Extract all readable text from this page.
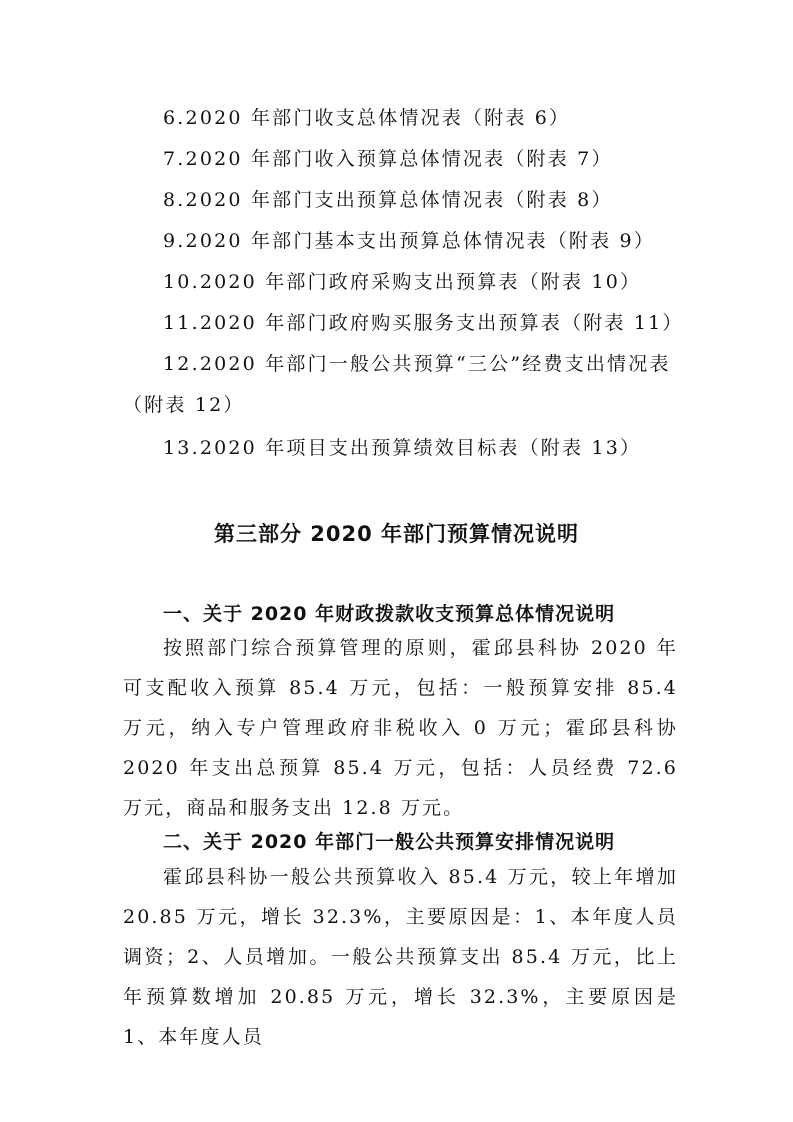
6.2020 年部门收支总体情况表（附表 6）
7.2020 年部门收入预算总体情况表（附表 7）
8.2020 年部门支出预算总体情况表（附表 8）
9.2020 年部门基本支出预算总体情况表（附表 9）
10.2020 年部门政府采购支出预算表（附表 10）
11.2020 年部门政府购买服务支出预算表（附表 11）
12.2020 年部门一般公共预算“三公”经费支出情况表
（附表 12）
13.2020 年项目支出预算绩效目标表（附表 13）
第三部分 2020 年部门预算情况说明
一、关于 2020 年财政拨款收支预算总体情况说明
按照部门综合预算管理的原则，霍邱县科协 2020 年可支配收入预算 85.4 万元，包括：一般预算安排 85.4 万元，纳入专户管理政府非税收入 0 万元；霍邱县科协 2020 年支出总预算 85.4 万元，包括：人员经费 72.6 万元，商品和服务支出 12.8 万元。
二、关于 2020 年部门一般公共预算安排情况说明
霍邱县科协一般公共预算收入 85.4 万元，较上年增加 20.85 万元，增长 32.3%，主要原因是：1、本年度人员调资；2、人员增加。一般公共预算支出 85.4 万元，比上年预算数增加 20.85 万元，增长 32.3%，主要原因是 1、本年度人员
